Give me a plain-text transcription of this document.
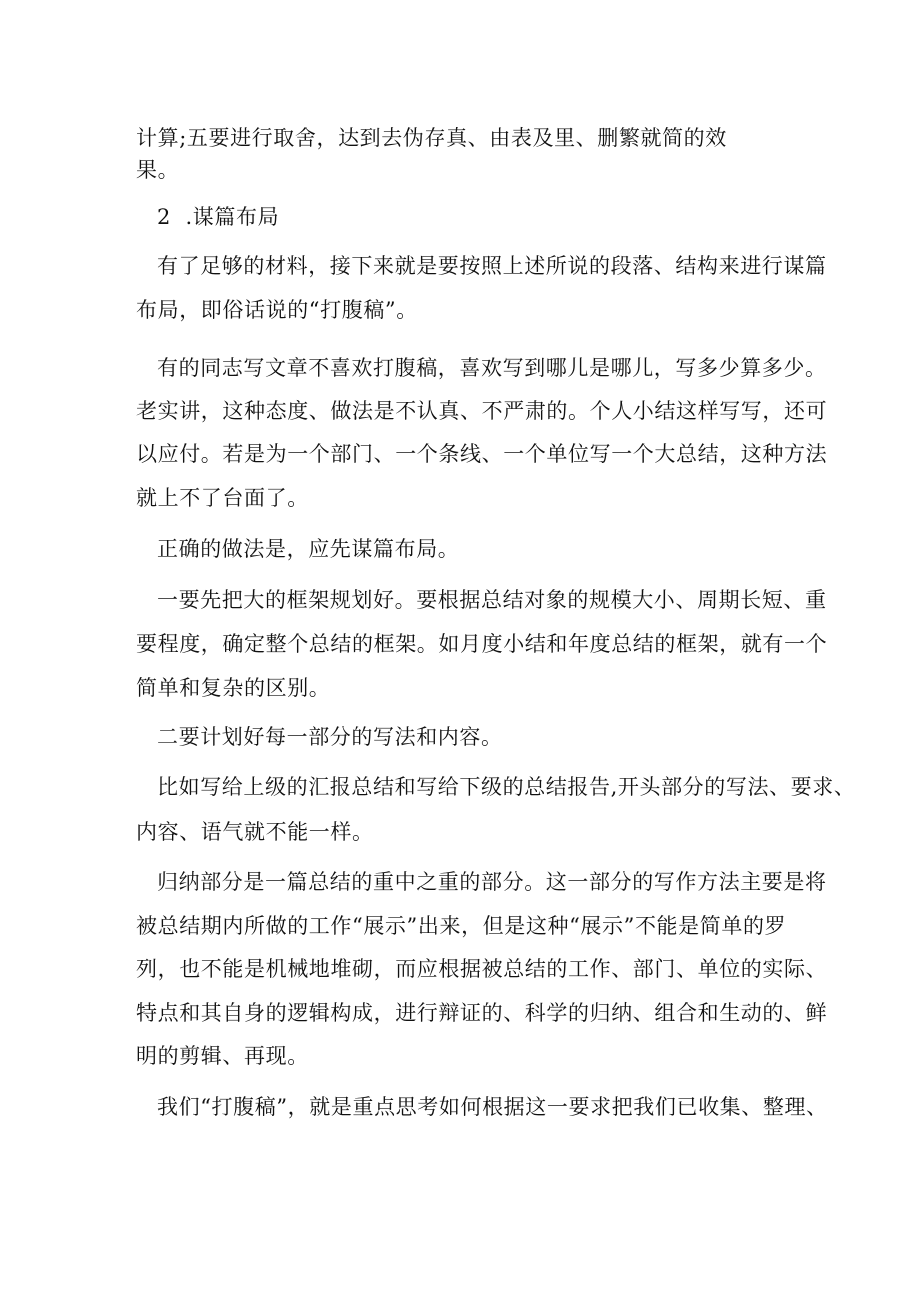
计算;五要进行取舍，达到去伪存真、由表及里、删繁就简的效
果。
2  .谋篇布局
有了足够的材料，接下来就是要按照上述所说的段落、结构来进行谋篇
布局，即俗话说的“打腹稿”。
有的同志写文章不喜欢打腹稿，喜欢写到哪儿是哪儿，写多少算多少。
老实讲，这种态度、做法是不认真、不严肃的。个人小结这样写写，还可
以应付。若是为一个部门、一个条线、一个单位写一个大总结，这种方法
就上不了台面了。
正确的做法是，应先谋篇布局。
一要先把大的框架规划好。要根据总结对象的规模大小、周期长短、重
要程度，确定整个总结的框架。如月度小结和年度总结的框架，就有一个
简单和复杂的区别。
二要计划好每一部分的写法和内容。
比如写给上级的汇报总结和写给下级的总结报告,开头部分的写法、要求、
内容、语气就不能一样。
归纳部分是一篇总结的重中之重的部分。这一部分的写作方法主要是将
被总结期内所做的工作“展示”出来，但是这种“展示”不能是简单的罗
列，也不能是机械地堆砌，而应根据被总结的工作、部门、单位的实际、
特点和其自身的逻辑构成，进行辩证的、科学的归纳、组合和生动的、鲜
明的剪辑、再现。
我们“打腹稿”，就是重点思考如何根据这一要求把我们已收集、整理、
